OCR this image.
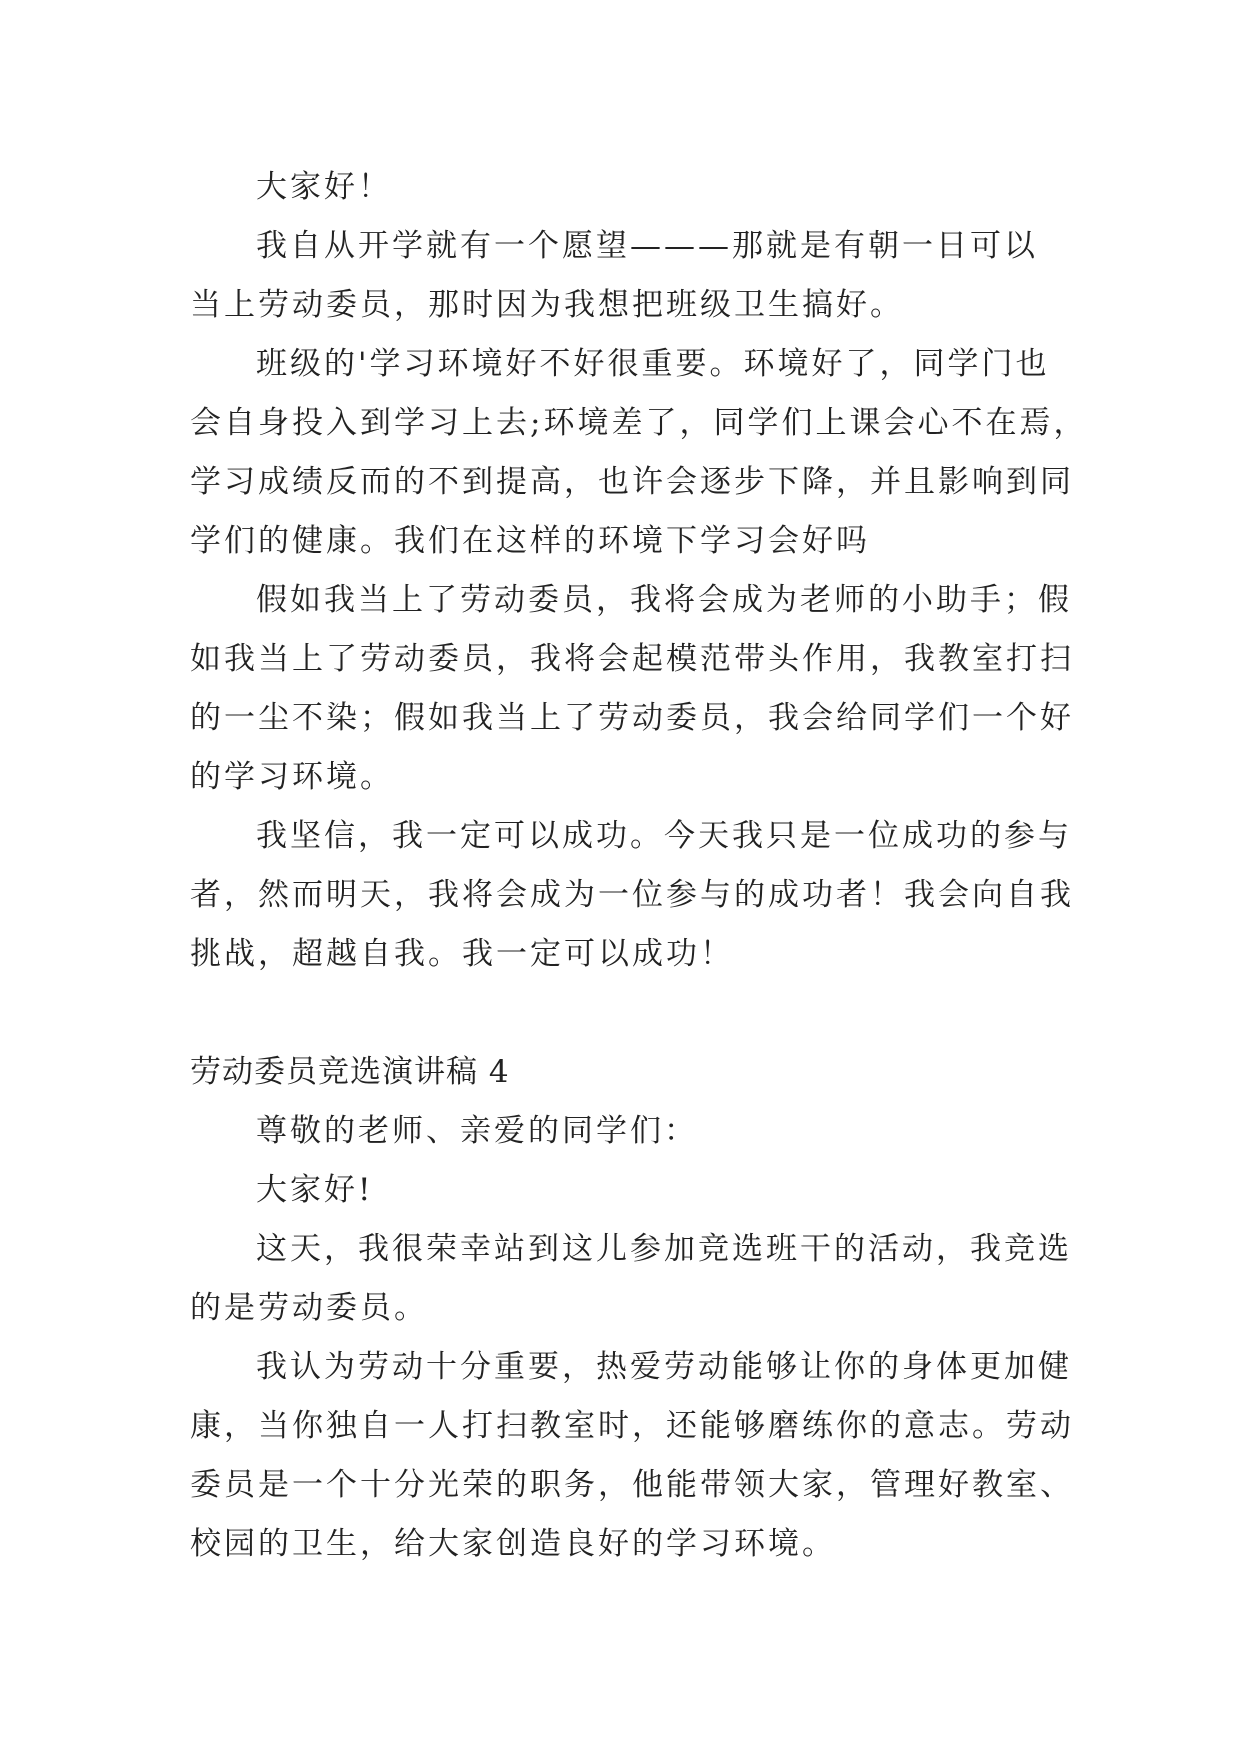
大家好！
我自从开学就有一个愿望———那就是有朝一日可以
当上劳动委员，那时因为我想把班级卫生搞好。
班级的'学习环境好不好很重要。环境好了，同学门也
会自身投入到学习上去;环境差了，同学们上课会心不在焉，
学习成绩反而的不到提高，也许会逐步下降，并且影响到同
学们的健康。我们在这样的环境下学习会好吗
假如我当上了劳动委员，我将会成为老师的小助手；假
如我当上了劳动委员，我将会起模范带头作用，我教室打扫
的一尘不染；假如我当上了劳动委员，我会给同学们一个好
的学习环境。
我坚信，我一定可以成功。今天我只是一位成功的参与
者，然而明天，我将会成为一位参与的成功者！我会向自我
挑战，超越自我。我一定可以成功！
劳动委员竞选演讲稿 4
尊敬的老师、亲爱的同学们：
大家好!
这天，我很荣幸站到这儿参加竞选班干的活动，我竞选
的是劳动委员。
我认为劳动十分重要，热爱劳动能够让你的身体更加健
康，当你独自一人打扫教室时，还能够磨练你的意志。劳动
委员是一个十分光荣的职务，他能带领大家，管理好教室、
校园的卫生，给大家创造良好的学习环境。
